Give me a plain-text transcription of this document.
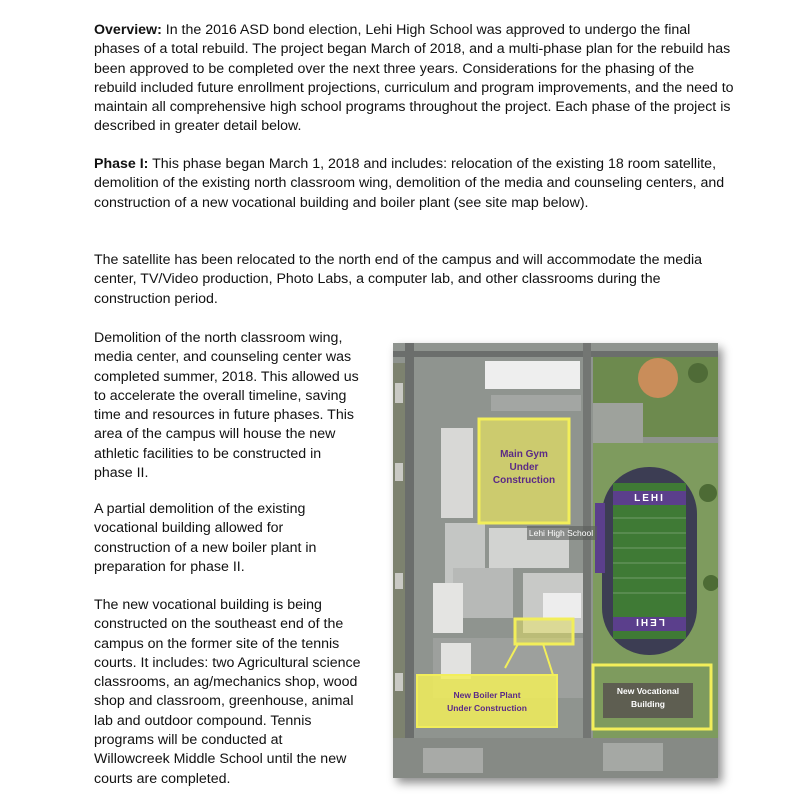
Overview: In the 2016 ASD bond election, Lehi High School was approved to undergo the final phases of a total rebuild. The project began March of 2018, and a multi-phase plan for the rebuild has been approved to be completed over the next three years. Considerations for the phasing of the rebuild included future enrollment projections, curriculum and program improvements, and the need to maintain all comprehensive high school programs throughout the project. Each phase of the project is described in greater detail below.

Phase I: This phase began March 1, 2018 and includes: relocation of the existing 18 room satellite, demolition of the existing north classroom wing, demolition of the media and counseling centers, and construction of a new vocational building and boiler plant (see site map below).

The satellite has been relocated to the north end of the campus and will accommodate the media center, TV/Video production, Photo Labs, a computer lab, and other classrooms during the construction period.

Demolition of the north classroom wing, media center, and counseling center was completed summer, 2018. This allowed us to accelerate the overall timeline, saving time and resources in future phases. This area of the campus will house the new athletic facilities to be constructed in phase II.

A partial demolition of the existing vocational building allowed for construction of a new boiler plant in preparation for phase II.

The new vocational building is being constructed on the southeast end of the campus on the former site of the tennis courts. It includes: two Agricultural science classrooms, an ag/mechanics shop, wood shop and classroom, greenhouse, animal lab and outdoor compound. Tennis programs will be conducted at Willowcreek Middle School until the new courts are completed.

LEHI
LEHI
Main Gym
Under
Construction
Lehi High School
New Boiler Plant
Under Construction
New Vocational
Building
